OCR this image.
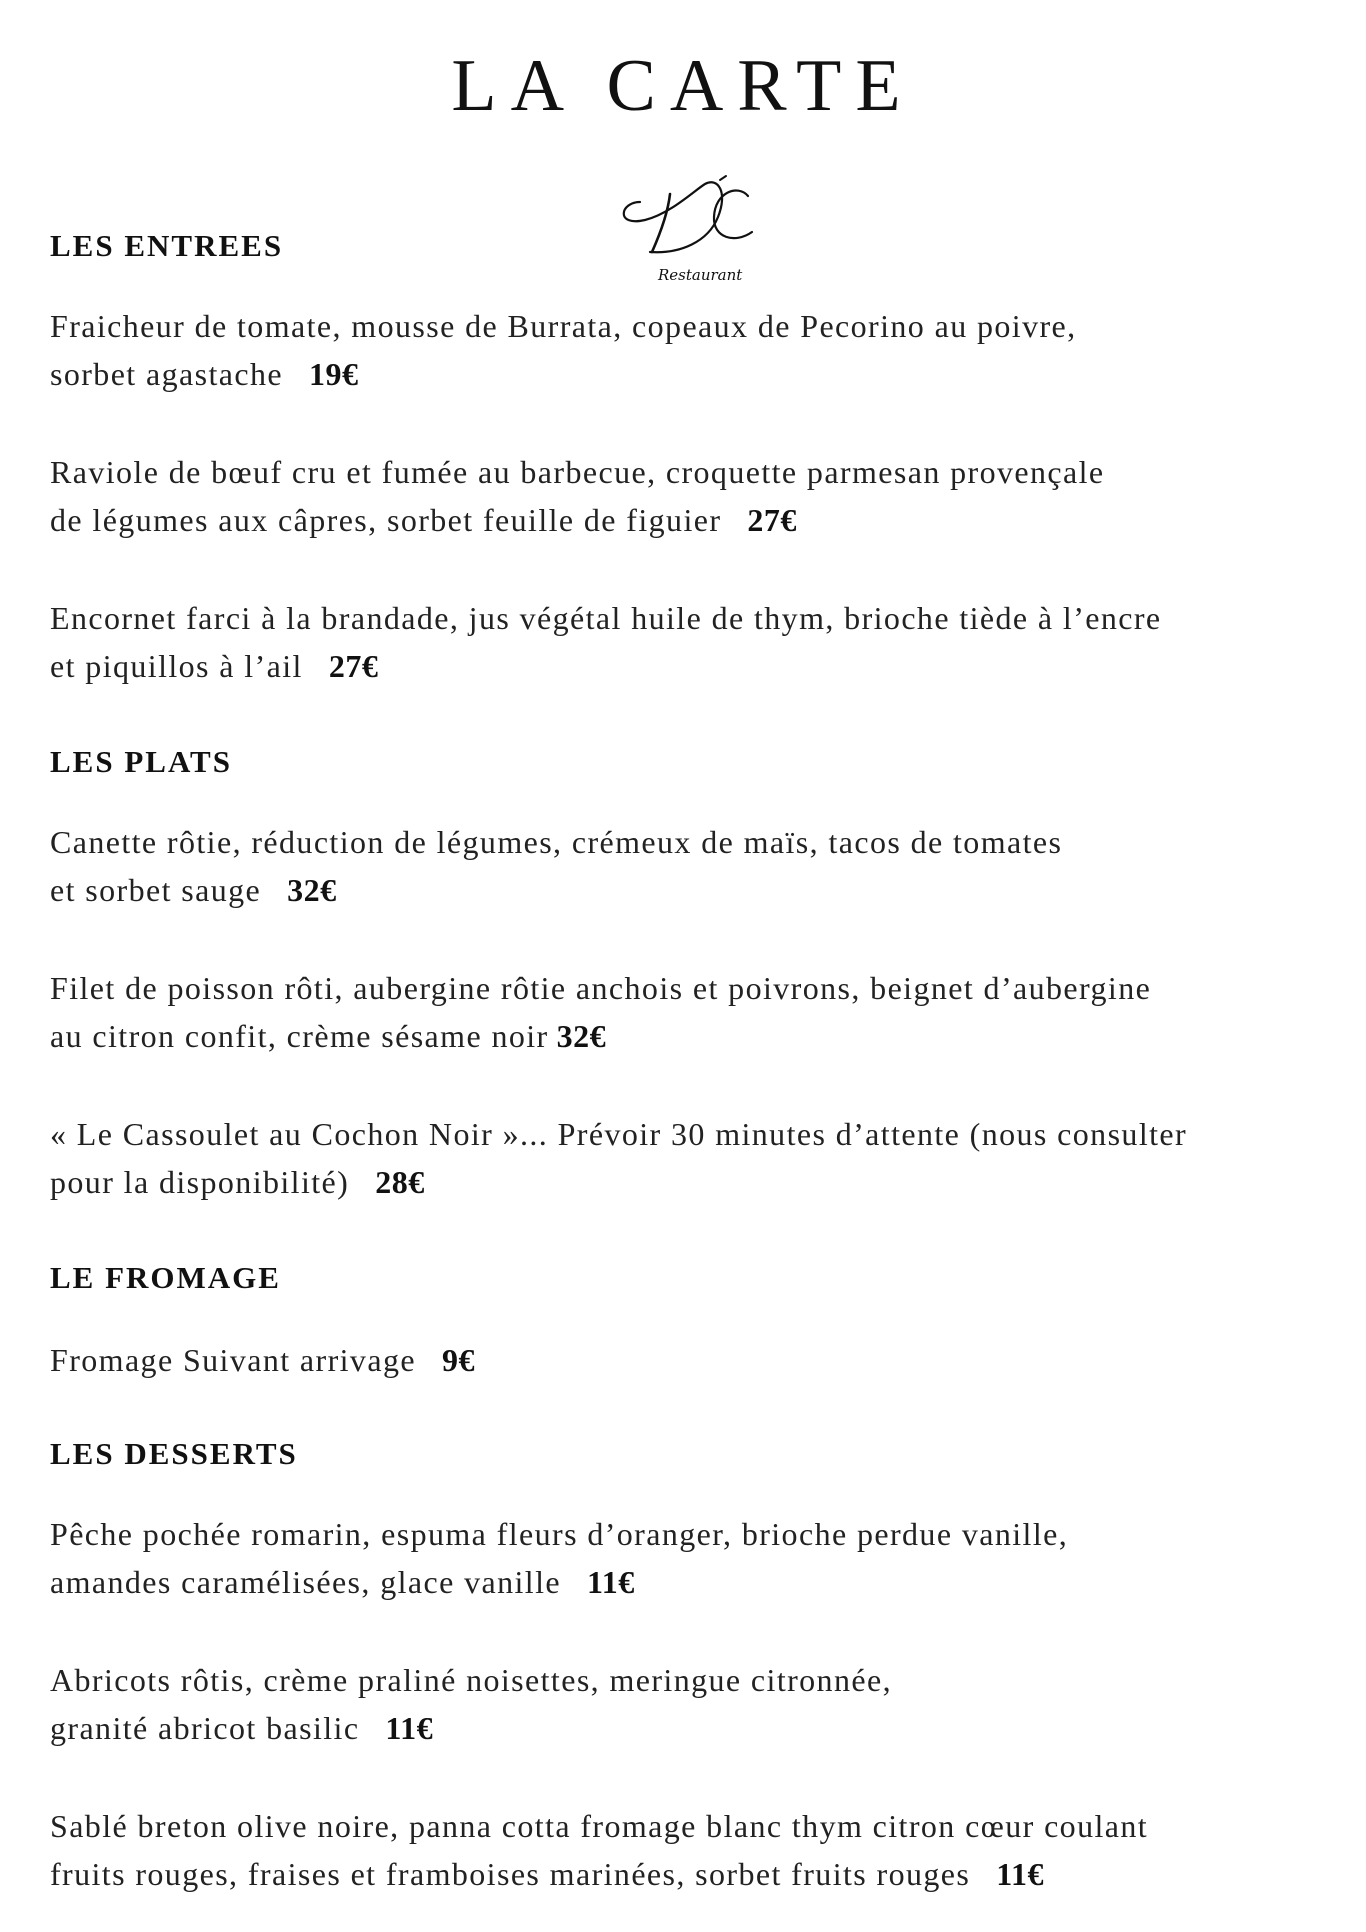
LA CARTE
Restaurant
LES ENTREES

Fraicheur de tomate, mousse de Burrata, copeaux de Pecorino au poivre,
sorbet agastache 19€

Raviole de bœuf cru et fumée au barbecue, croquette parmesan provençale
de légumes aux câpres, sorbet feuille de figuier 27€

Encornet farci à la brandade, jus végétal huile de thym, brioche tiède à l’encre
et piquillos à l’ail 27€

LES PLATS

Canette rôtie, réduction de légumes, crémeux de maïs, tacos de tomates
et sorbet sauge 32€

Filet de poisson rôti, aubergine rôtie anchois et poivrons, beignet d’aubergine
au citron confit, crème sésame noir 32€

« Le Cassoulet au Cochon Noir »... Prévoir 30 minutes d’attente (nous consulter
pour la disponibilité) 28€

LE FROMAGE

Fromage Suivant arrivage 9€

LES DESSERTS

Pêche pochée romarin, espuma fleurs d’oranger, brioche perdue vanille,
amandes caramélisées, glace vanille 11€

Abricots rôtis, crème praliné noisettes, meringue citronnée,
granité abricot basilic 11€

Sablé breton olive noire, panna cotta fromage blanc thym citron cœur coulant
fruits rouges, fraises et framboises marinées, sorbet fruits rouges 11€
